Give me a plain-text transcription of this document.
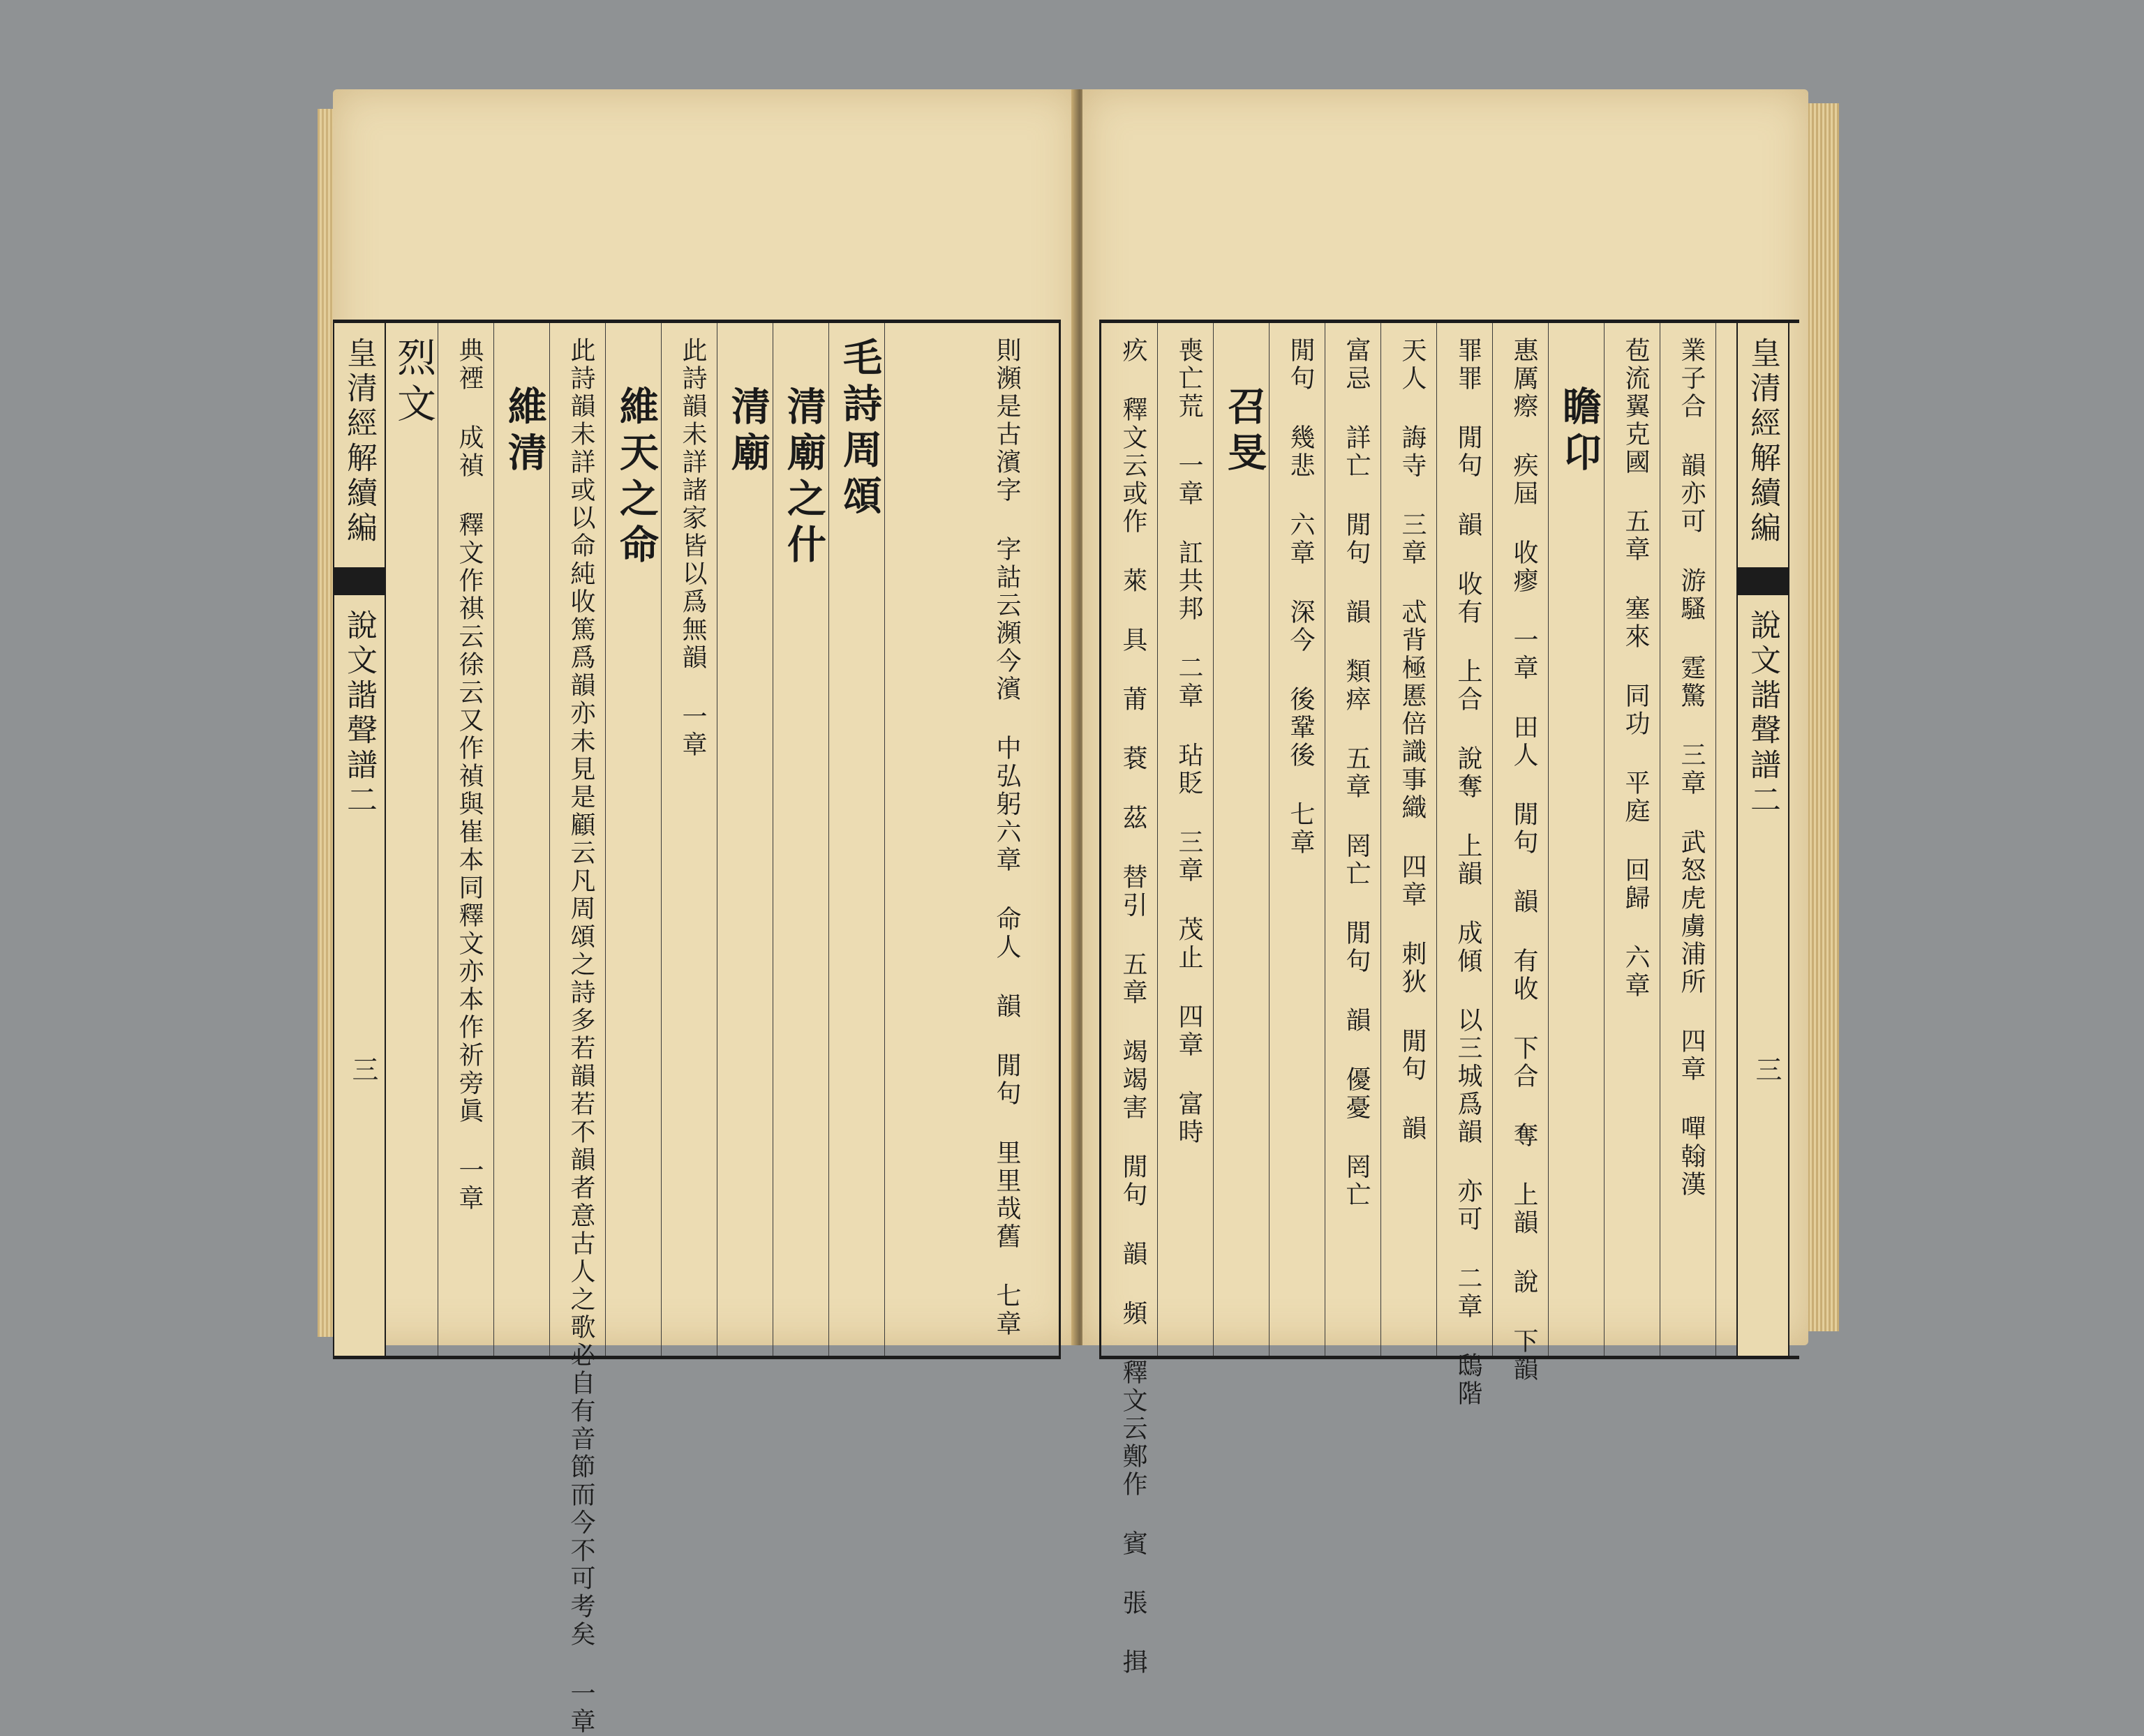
皇清經解續編
說文諧聲譜二
三
烈文 典禋 成禎 釋文作祺云徐云又作禎與崔本同釋文亦本作祈旁眞 一章 維清 此詩韻未詳或以命純收篤爲韻亦未見是顧云凡周頌之詩多若韻若不韻者意古人之歌必自有音節而今不可考矣 一章 維天之命 此詩韻未詳諸家皆以爲無韻 一章 清廟 清廟之什 毛詩周頌	則瀕是古濱字 字詁云瀕今濱 中弘躬六章 命人 韻 閒句 里里哉舊 七章	疚 釋文云或作 萊 具 莆 蔉 茲 替引 五章 竭竭害 閒句 韻 頻 釋文云鄭作 賓 張 揖	喪亡荒 一章 訌共邦 二章 玷貶 三章 茂止 四章 富時 召旻 閒句 幾悲 六章 深今 後鞏後 七章	富忌 詳亡 閒句 韻 類瘁 五章 罔亡 閒句 韻 優憂 罔亡	天人 誨寺 三章 忒背極慝倍識事織 四章 刺狄 閒句 韻	罪罪 閒句 韻 收有 上合 說奪 上韻 成傾 以三城爲韻 亦可 二章 鴟階	惠厲瘵 疾屆 收瘳 一章 田人 閒句 韻 有收 下合 奪 上韻 說 下韻 瞻卬 苞流翼克國 五章 塞來 同功 平庭 回歸 六章	業子合 韻亦可 游騷 霆驚 三章 武怒虎虜浦所 四章 嘽翰漢	皇清經解續編
說文諧聲譜二
三
